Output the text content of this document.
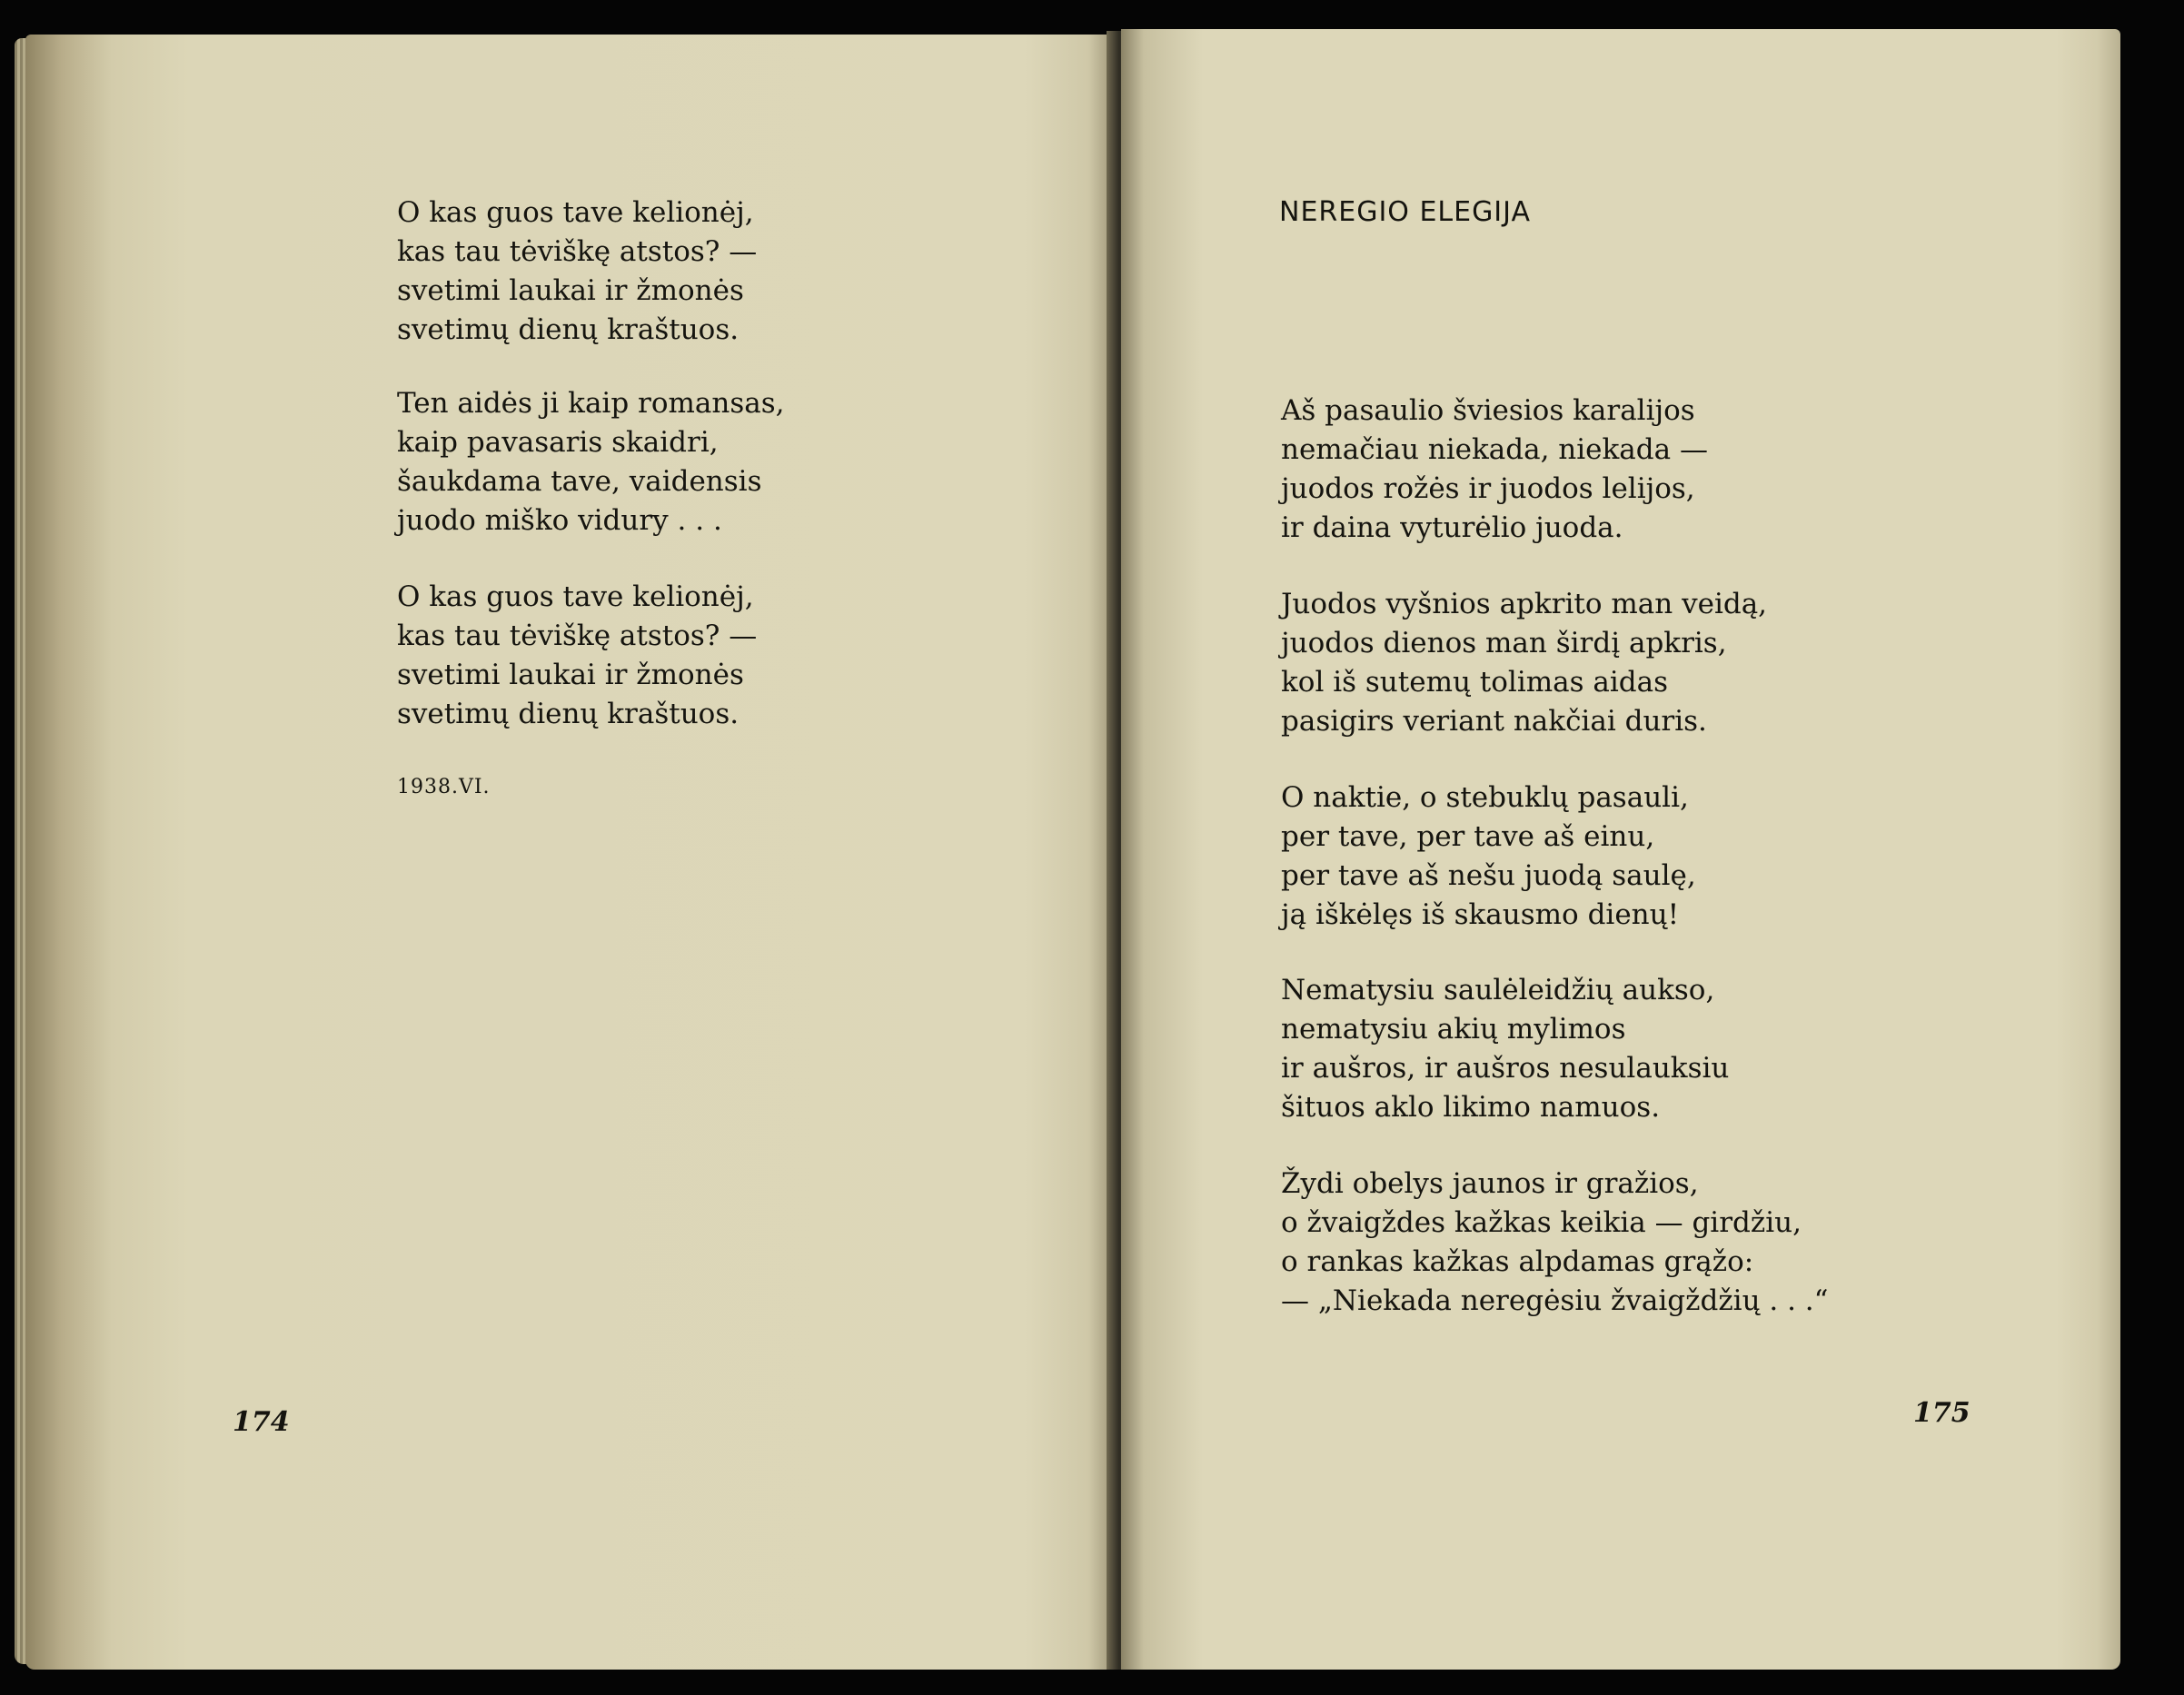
O kas guos tave kelionėj,
kas tau tėviškę atstos? —
svetimi laukai ir žmonės
svetimų dienų kraštuos.
Ten aidės ji kaip romansas,
kaip pavasaris skaidri,
šaukdama tave, vaidensis
juodo miško vidury . . .
O kas guos tave kelionėj,
kas tau tėviškę atstos? —
svetimi laukai ir žmonės
svetimų dienų kraštuos.
1938.VI.
174
NEREGIO ELEGIJA
Aš pasaulio šviesios karalijos
nemačiau niekada, niekada —
juodos rožės ir juodos lelijos,
ir daina vyturėlio juoda.
Juodos vyšnios apkrito man veidą,
juodos dienos man širdį apkris,
kol iš sutemų tolimas aidas
pasigirs veriant nakčiai duris.
O naktie, o stebuklų pasauli,
per tave, per tave aš einu,
per tave aš nešu juodą saulę,
ją iškėlęs iš skausmo dienų!
Nematysiu saulėleidžių aukso,
nematysiu akių mylimos
ir aušros, ir aušros nesulauksiu
šituos aklo likimo namuos.
Žydi obelys jaunos ir gražios,
o žvaigždes kažkas keikia — girdžiu,
o rankas kažkas alpdamas grąžo:
— „Niekada neregėsiu žvaigždžių . . .“
175
